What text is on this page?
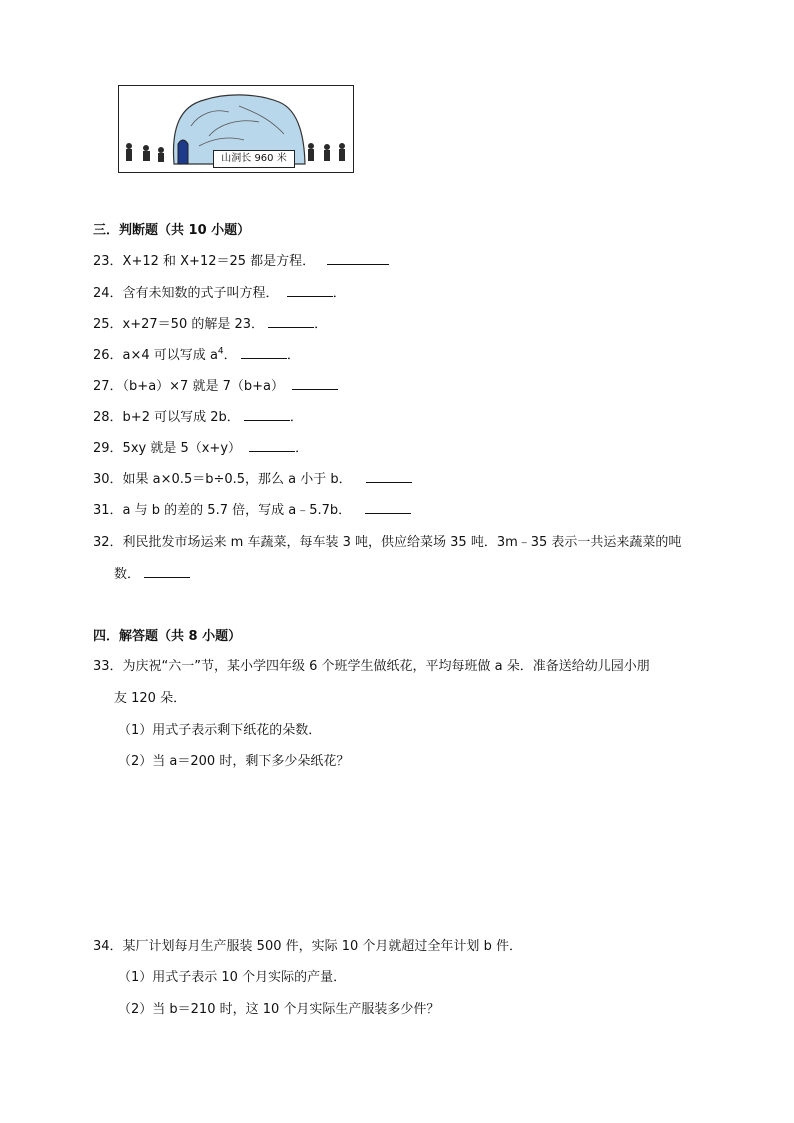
山洞长 960 米
三．判断题（共 10 小题）
23．X+12 和 X+12＝25 都是方程．
24．含有未知数的式子叫方程．	．
25．x+27＝50 的解是 23．	．
26．a×4 可以写成 $a^4$．	．
27．（b+a）×7 就是 7（b+a）
28．b+2 可以写成 2b．	．
29．5xy 就是 5（x+y）	．
30．如果 a×0.5＝b÷0.5，那么 a 小于 b．
31．a 与 b 的差的 5.7 倍，写成 a﹣5.7b．
32．利民批发市场运来 m 车蔬菜，每车装 3 吨，供应给菜场 35 吨．3m﹣35 表示一共运来蔬菜的吨
数．
四．解答题（共 8 小题）
33．为庆祝“六一”节，某小学四年级 6 个班学生做纸花，平均每班做 a 朵．准备送给幼儿园小朋
友 120 朵．
（1）用式子表示剩下纸花的朵数．
（2）当 a＝200 时，剩下多少朵纸花？
34．某厂计划每月生产服装 500 件，实际 10 个月就超过全年计划 b 件．
（1）用式子表示 10 个月实际的产量．
（2）当 b＝210 时，这 10 个月实际生产服装多少件？
